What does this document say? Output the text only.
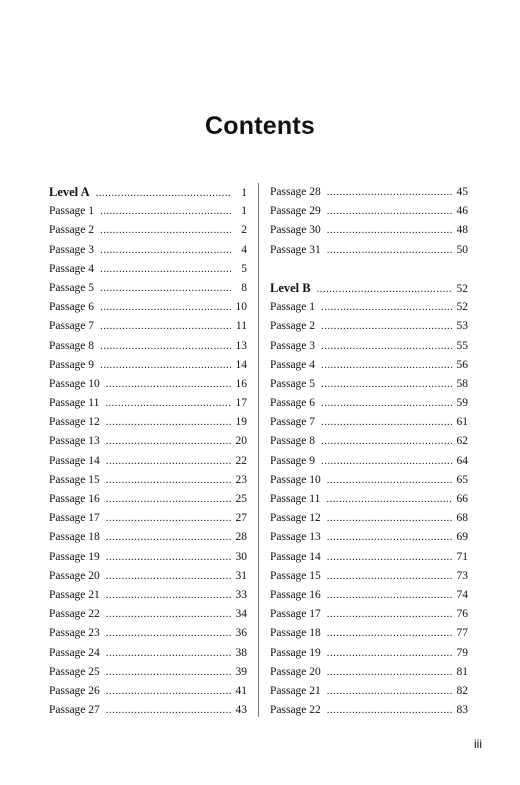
Contents
Level A .....	1
Passage 1 .....	1
Passage 2 .....	2
Passage 3 .....	4
Passage 4 .....	5
Passage 5 .....	8
Passage 6 .....	10
Passage 7 .....	11
Passage 8 .....	13
Passage 9 .....	14
Passage 10 .....	16
Passage 11 .....	17
Passage 12 .....	19
Passage 13 .....	20
Passage 14 .....	22
Passage 15 .....	23
Passage 16 .....	25
Passage 17 .....	27
Passage 18 .....	28
Passage 19 .....	30
Passage 20 .....	31
Passage 21 .....	33
Passage 22 .....	34
Passage 23 .....	36
Passage 24 .....	38
Passage 25 .....	39
Passage 26 .....	41
Passage 27 .....	43
Passage 28 .....	45
Passage 29 .....	46
Passage 30 .....	48
Passage 31 .....	50
Level B .....	52
Passage 1 .....	52
Passage 2 .....	53
Passage 3 .....	55
Passage 4 .....	56
Passage 5 .....	58
Passage 6 .....	59
Passage 7 .....	61
Passage 8 .....	62
Passage 9 .....	64
Passage 10 .....	65
Passage 11 .....	66
Passage 12 .....	68
Passage 13 .....	69
Passage 14 .....	71
Passage 15 .....	73
Passage 16 .....	74
Passage 17 .....	76
Passage 18 .....	77
Passage 19 .....	79
Passage 20 .....	81
Passage 21 .....	82
Passage 22 .....	83
iii
